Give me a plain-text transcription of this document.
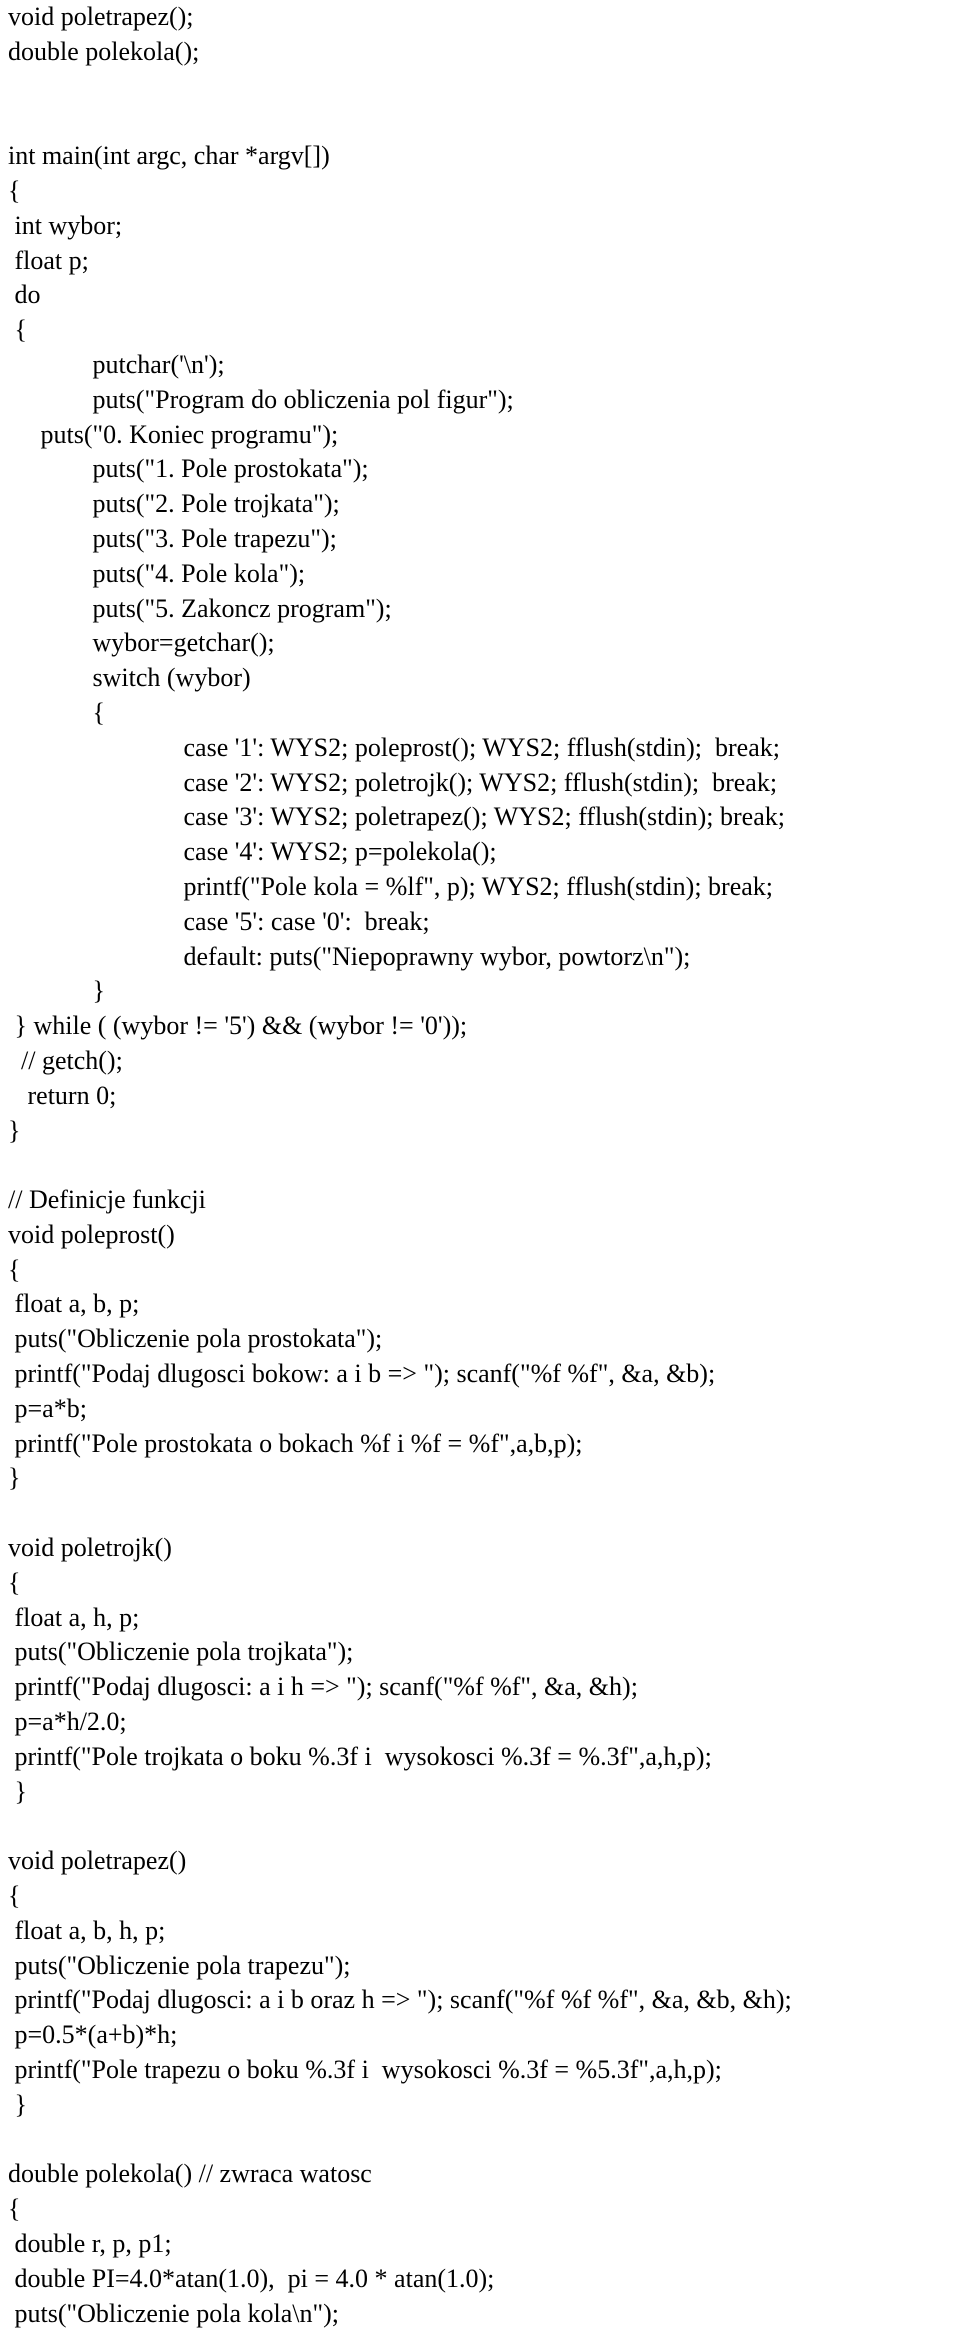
void poletrapez();
double polekola();
int main(int argc, char *argv[])
{
int wybor;
float p;
do
{
putchar('\n');
puts("Program do obliczenia pol figur");
puts("0. Koniec programu");
puts("1. Pole prostokata");
puts("2. Pole trojkata");
puts("3. Pole trapezu");
puts("4. Pole kola");
puts("5. Zakoncz program");
wybor=getchar();
switch (wybor)
{
case '1': WYS2; poleprost(); WYS2; fflush(stdin);  break;
case '2': WYS2; poletrojk(); WYS2; fflush(stdin);  break;
case '3': WYS2; poletrapez(); WYS2; fflush(stdin); break;
case '4': WYS2; p=polekola();
printf("Pole kola = %lf", p); WYS2; fflush(stdin); break;
case '5': case '0':  break;
default: puts("Niepoprawny wybor, powtorz\n");
}
} while ( (wybor != '5') && (wybor != '0'));
// getch();
return 0;
}
// Definicje funkcji
void poleprost()
{
float a, b, p;
puts("Obliczenie pola prostokata");
printf("Podaj dlugosci bokow: a i b => "); scanf("%f %f", &a, &b);
p=a*b;
printf("Pole prostokata o bokach %f i %f = %f",a,b,p);
}
void poletrojk()
{
float a, h, p;
puts("Obliczenie pola trojkata");
printf("Podaj dlugosci: a i h => "); scanf("%f %f", &a, &h);
p=a*h/2.0;
printf("Pole trojkata o boku %.3f i  wysokosci %.3f = %.3f",a,h,p);
}
void poletrapez()
{
float a, b, h, p;
puts("Obliczenie pola trapezu");
printf("Podaj dlugosci: a i b oraz h => "); scanf("%f %f %f", &a, &b, &h);
p=0.5*(a+b)*h;
printf("Pole trapezu o boku %.3f i  wysokosci %.3f = %5.3f",a,h,p);
}
double polekola() // zwraca watosc
{
double r, p, p1;
double PI=4.0*atan(1.0),  pi = 4.0 * atan(1.0);
puts("Obliczenie pola kola\n");
